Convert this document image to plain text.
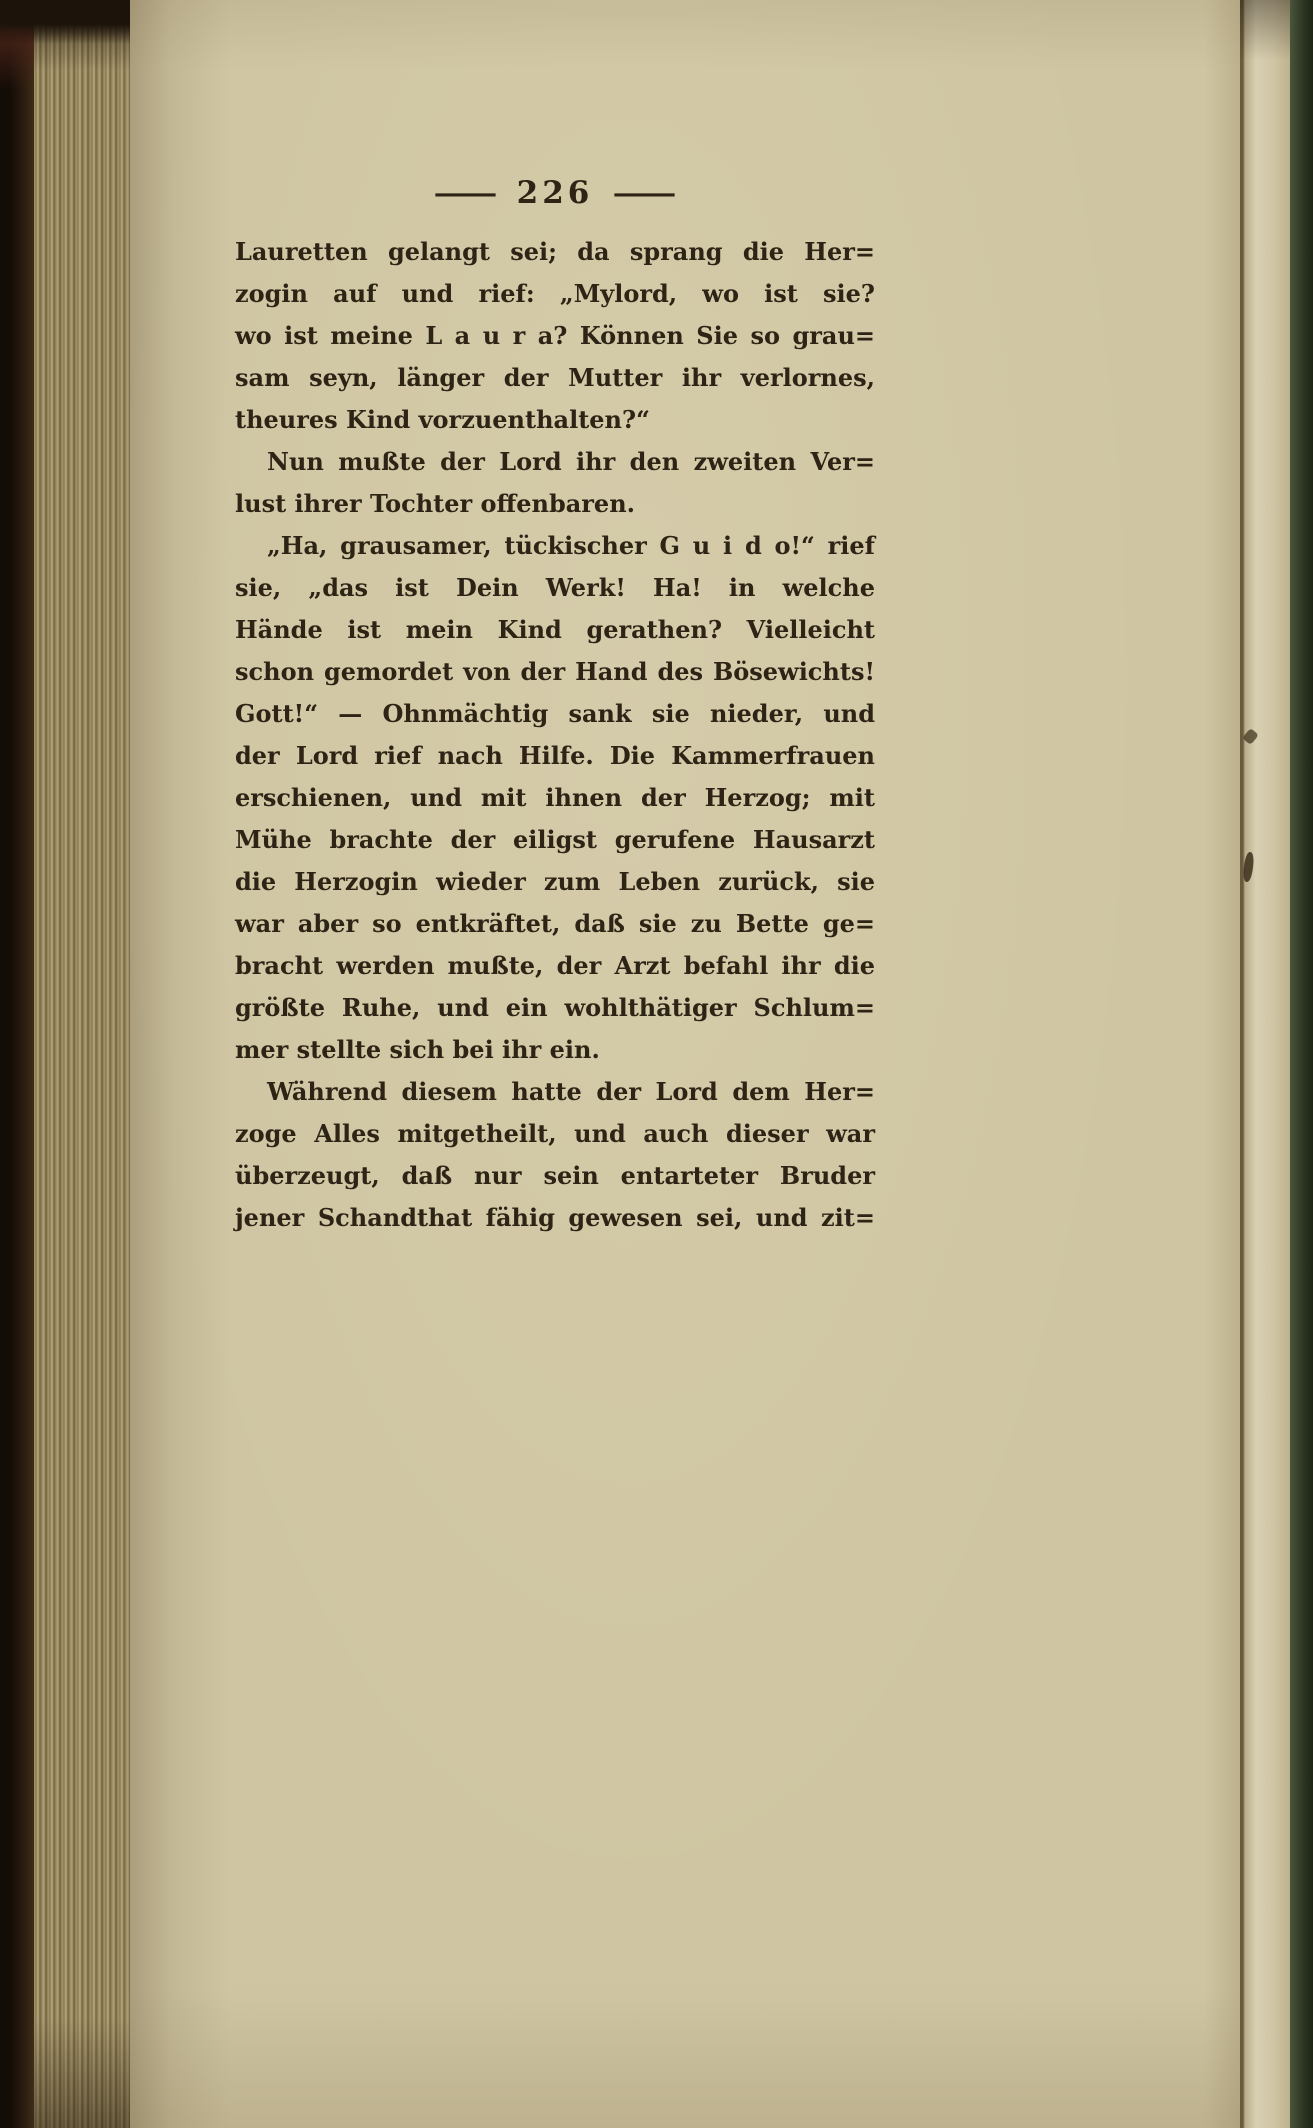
— 226 —
Lauretten gelangt sei; da sprang die Her=
zogin auf und rief: „Mylord, wo ist sie?
wo ist meine L a u r a? Können Sie so grau=
sam seyn, länger der Mutter ihr verlornes,
theures Kind vorzuenthalten?“
Nun mußte der Lord ihr den zweiten Ver=
lust ihrer Tochter offenbaren.
„Ha, grausamer, tückischer G u i d o!“ rief
sie, „das ist Dein Werk! Ha! in welche
Hände ist mein Kind gerathen? Vielleicht
schon gemordet von der Hand des Bösewichts!
Gott!“ — Ohnmächtig sank sie nieder, und
der Lord rief nach Hilfe. Die Kammerfrauen
erschienen, und mit ihnen der Herzog; mit
Mühe brachte der eiligst gerufene Hausarzt
die Herzogin wieder zum Leben zurück, sie
war aber so entkräftet, daß sie zu Bette ge=
bracht werden mußte, der Arzt befahl ihr die
größte Ruhe, und ein wohlthätiger Schlum=
mer stellte sich bei ihr ein.
Während diesem hatte der Lord dem Her=
zoge Alles mitgetheilt, und auch dieser war
überzeugt, daß nur sein entarteter Bruder
jener Schandthat fähig gewesen sei, und zit=
